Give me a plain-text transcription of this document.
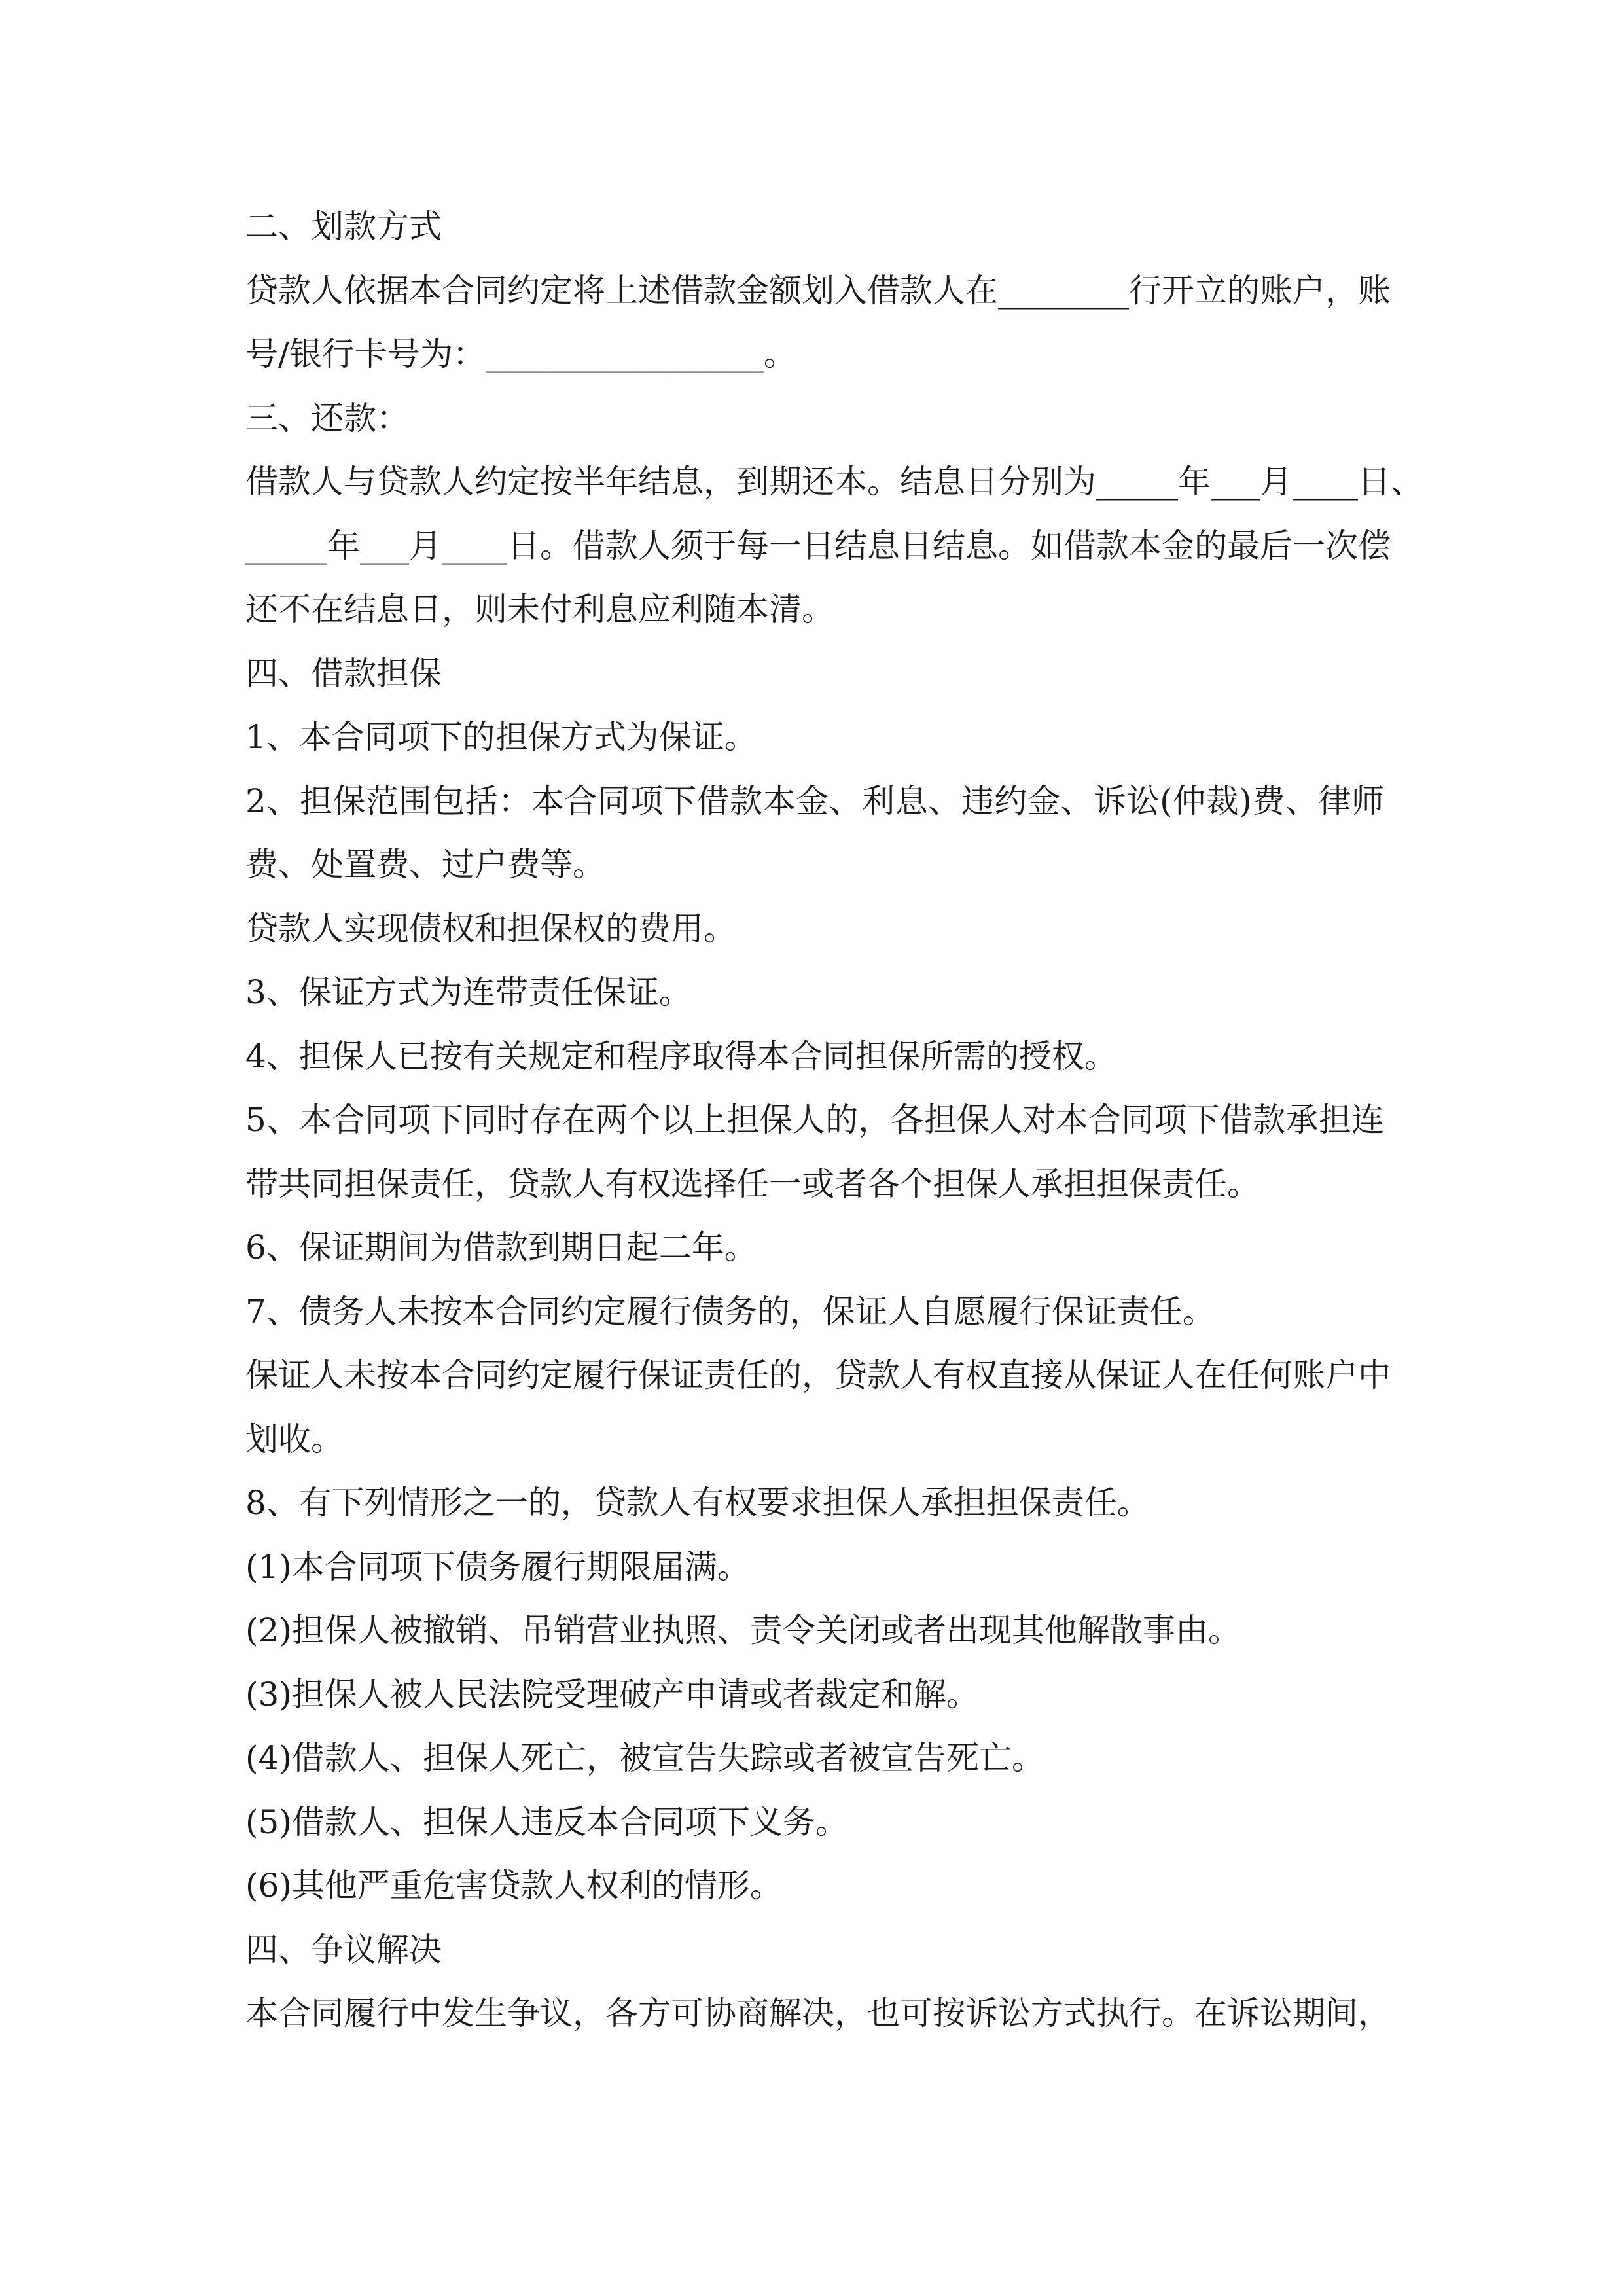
二、划款方式
贷款人依据本合同约定将上述借款金额划入借款人在________行开立的账户，账
号/银行卡号为：_________________。
三、还款：
借款人与贷款人约定按半年结息，到期还本。结息日分别为_____年___月____日、
_____年___月____日。借款人须于每一日结息日结息。如借款本金的最后一次偿
还不在结息日，则未付利息应利随本清。
四、借款担保
1、本合同项下的担保方式为保证。
2、担保范围包括：本合同项下借款本金、利息、违约金、诉讼(仲裁)费、律师
费、处置费、过户费等。
贷款人实现债权和担保权的费用。
3、保证方式为连带责任保证。
4、担保人已按有关规定和程序取得本合同担保所需的授权。
5、本合同项下同时存在两个以上担保人的，各担保人对本合同项下借款承担连
带共同担保责任，贷款人有权选择任一或者各个担保人承担担保责任。
6、保证期间为借款到期日起二年。
7、债务人未按本合同约定履行债务的，保证人自愿履行保证责任。
保证人未按本合同约定履行保证责任的，贷款人有权直接从保证人在任何账户中
划收。
8、有下列情形之一的，贷款人有权要求担保人承担担保责任。
(1)本合同项下债务履行期限届满。
(2)担保人被撤销、吊销营业执照、责令关闭或者出现其他解散事由。
(3)担保人被人民法院受理破产申请或者裁定和解。
(4)借款人、担保人死亡，被宣告失踪或者被宣告死亡。
(5)借款人、担保人违反本合同项下义务。
(6)其他严重危害贷款人权利的情形。
四、争议解决
本合同履行中发生争议，各方可协商解决，也可按诉讼方式执行。在诉讼期间，
